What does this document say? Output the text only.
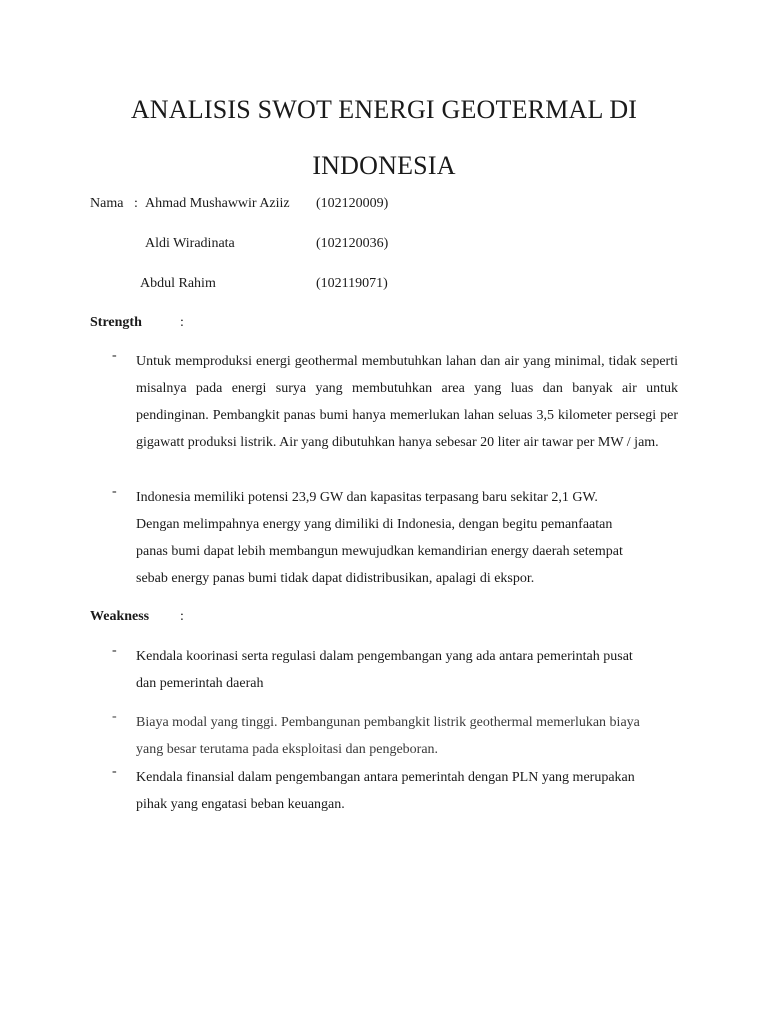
ANALISIS SWOT ENERGI GEOTERMAL DI
INDONESIA
Nama : Ahmad Mushawwir Aziiz (102120009)
Aldi Wiradinata	(102120036)
Abdul Rahim	(102119071)
Strength	:
- Untuk memproduksi energi geothermal membutuhkan lahan dan air yang minimal, tidak seperti misalnya pada energi surya yang membutuhkan area yang luas dan banyak air untuk pendinginan. Pembangkit panas bumi hanya memerlukan lahan seluas 3,5 kilometer persegi per gigawatt produksi listrik. Air yang dibutuhkan hanya sebesar 20 liter air tawar per MW / jam.
- Indonesia memiliki potensi 23,9 GW dan kapasitas terpasang baru sekitar 2,1 GW.
Dengan melimpahnya energy yang dimiliki di Indonesia, dengan begitu pemanfaatan
panas bumi dapat lebih membangun mewujudkan kemandirian energy daerah setempat
sebab energy panas bumi tidak dapat didistribusikan, apalagi di ekspor.
Weakness :
- Kendala koorinasi serta regulasi dalam pengembangan yang ada antara pemerintah pusat
dan pemerintah daerah
- Biaya modal yang tinggi. Pembangunan pembangkit listrik geothermal memerlukan biaya
yang besar terutama pada eksploitasi dan pengeboran.
- Kendala finansial dalam pengembangan antara pemerintah dengan PLN yang merupakan
pihak yang engatasi beban keuangan.
